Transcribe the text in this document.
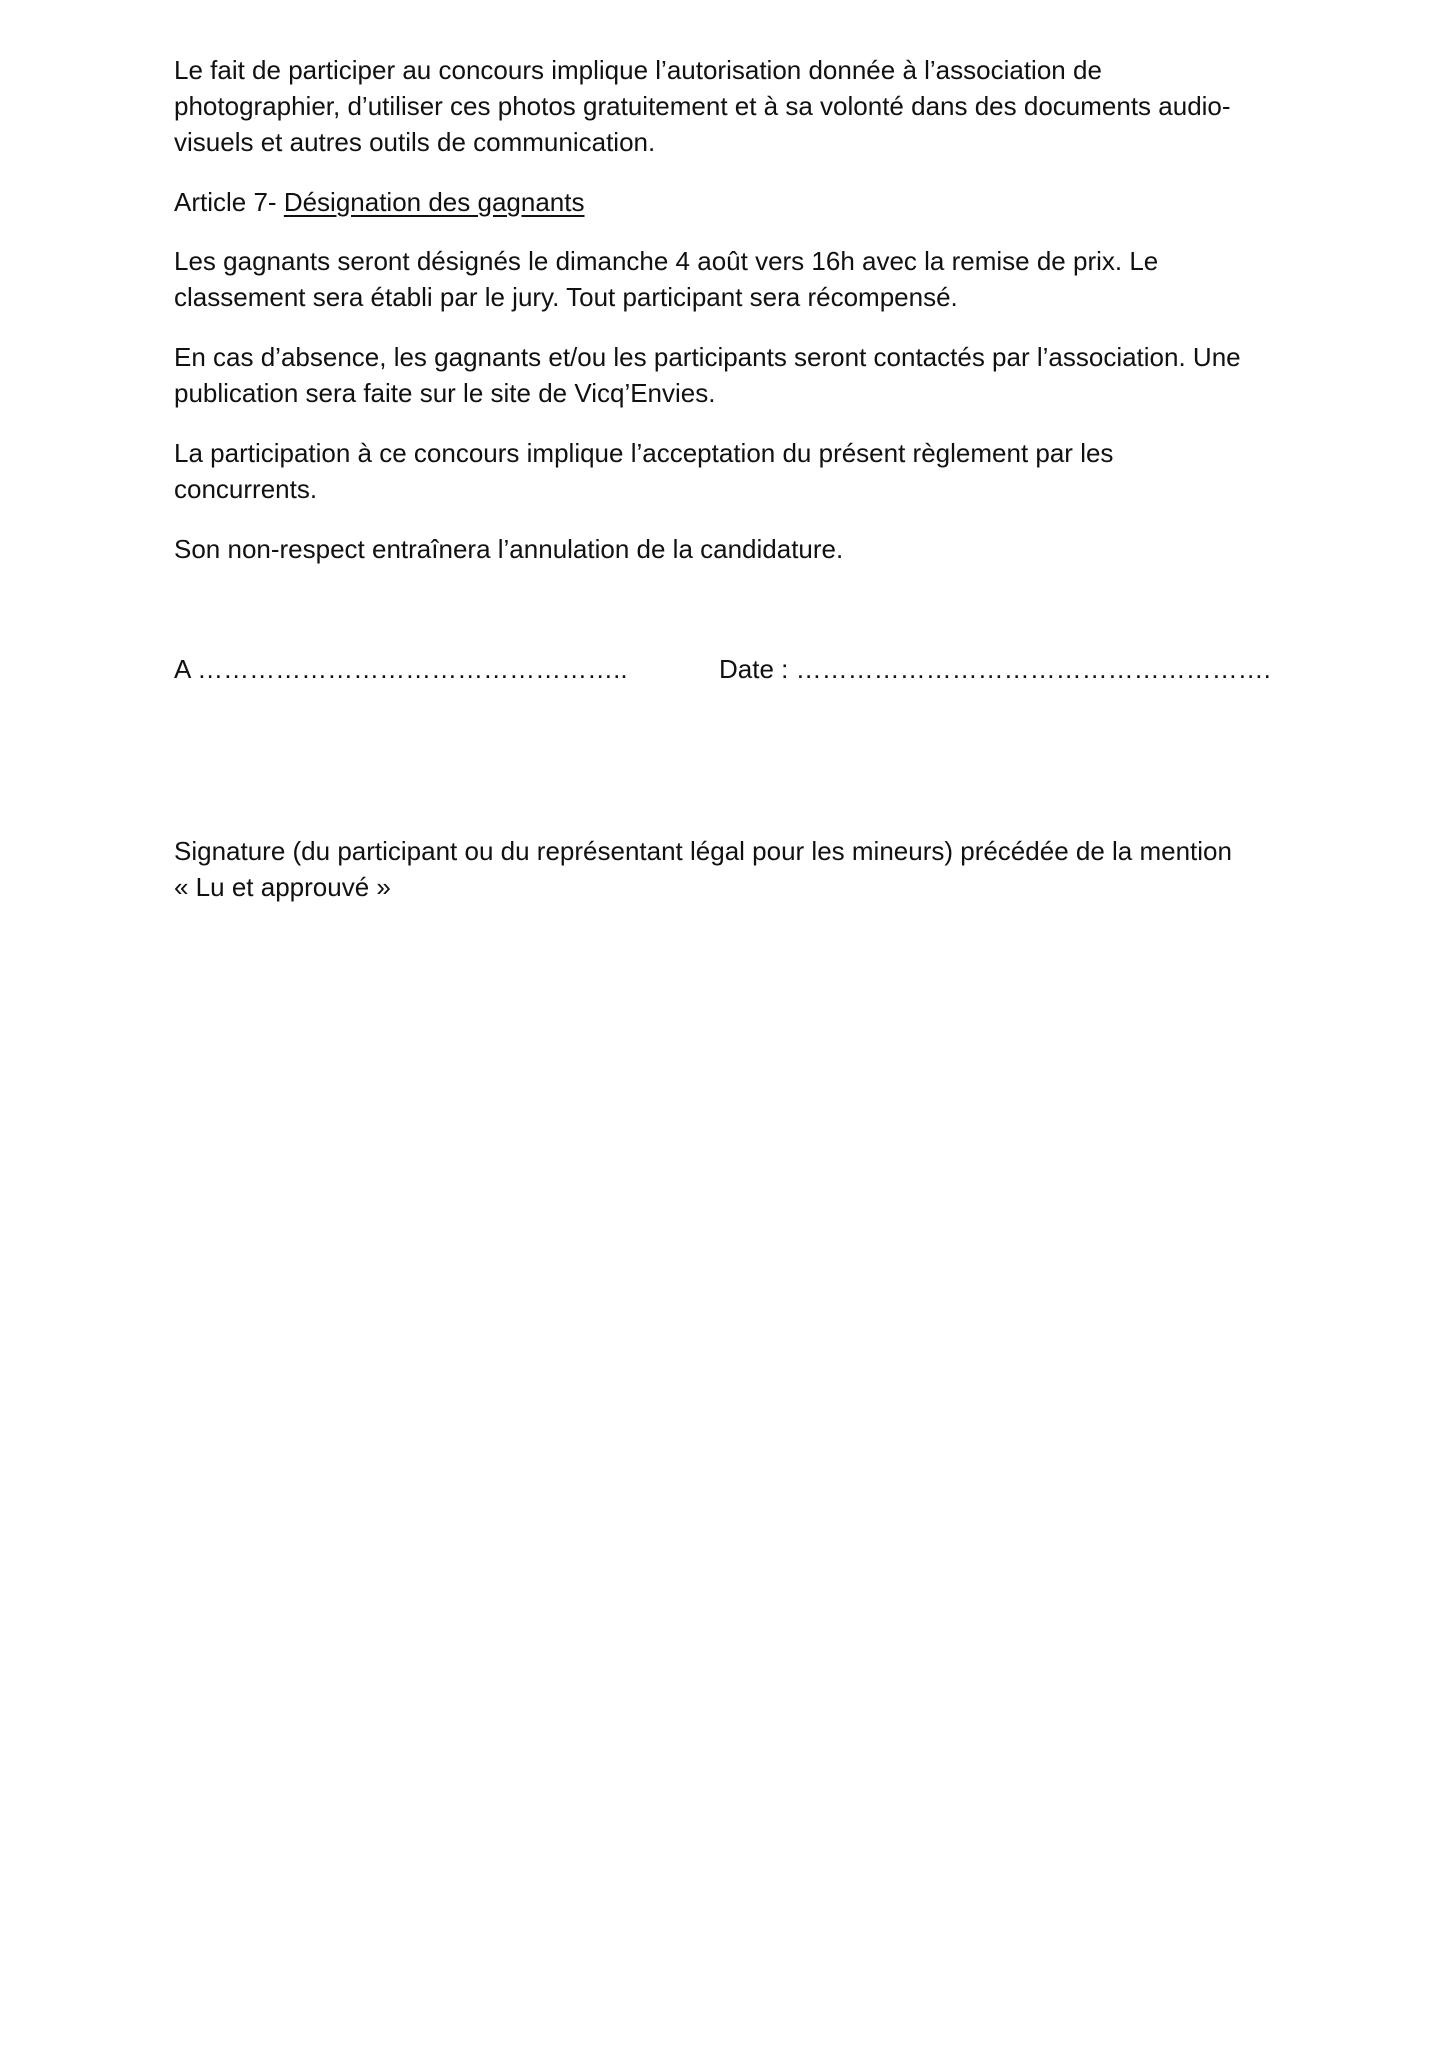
Le fait de participer au concours implique l’autorisation donnée à l’association de
photographier, d’utiliser ces photos gratuitement et à sa volonté dans des documents audio-
visuels et autres outils de communication.

Article 7- Désignation des gagnants

Les gagnants seront désignés le dimanche 4 août vers 16h avec la remise de prix. Le
classement sera établi par le jury. Tout participant sera récompensé.

En cas d’absence, les gagnants et/ou les participants seront contactés par l’association. Une
publication sera faite sur le site de Vicq’Envies.

La participation à ce concours implique l’acceptation du présent règlement par les
concurrents.

Son non-respect entraînera l’annulation de la candidature.

A …………………………………………..	Date : ……………………………………………….

Signature (du participant ou du représentant légal pour les mineurs) précédée de la mention
« Lu et approuvé »
